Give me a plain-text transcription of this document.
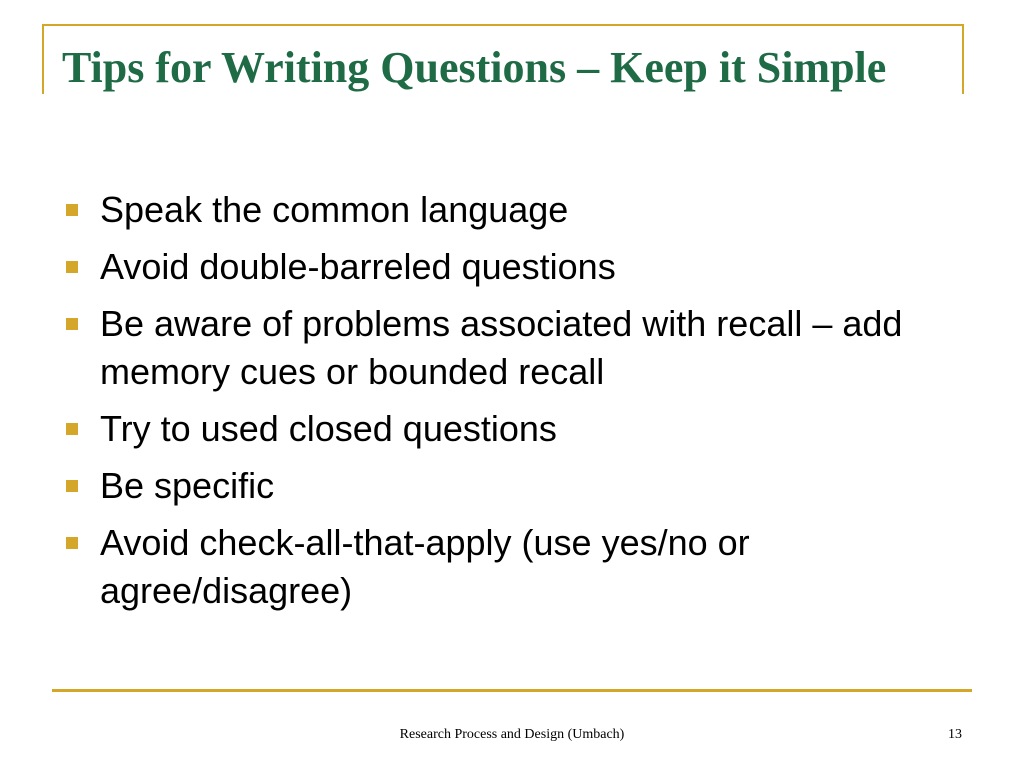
Tips for Writing Questions – Keep it Simple
Speak the common language
Avoid double-barreled questions
Be aware of problems associated with recall – add memory cues or bounded recall
Try to used closed questions
Be specific
Avoid check-all-that-apply (use yes/no or agree/disagree)
Research Process and Design (Umbach)	13
